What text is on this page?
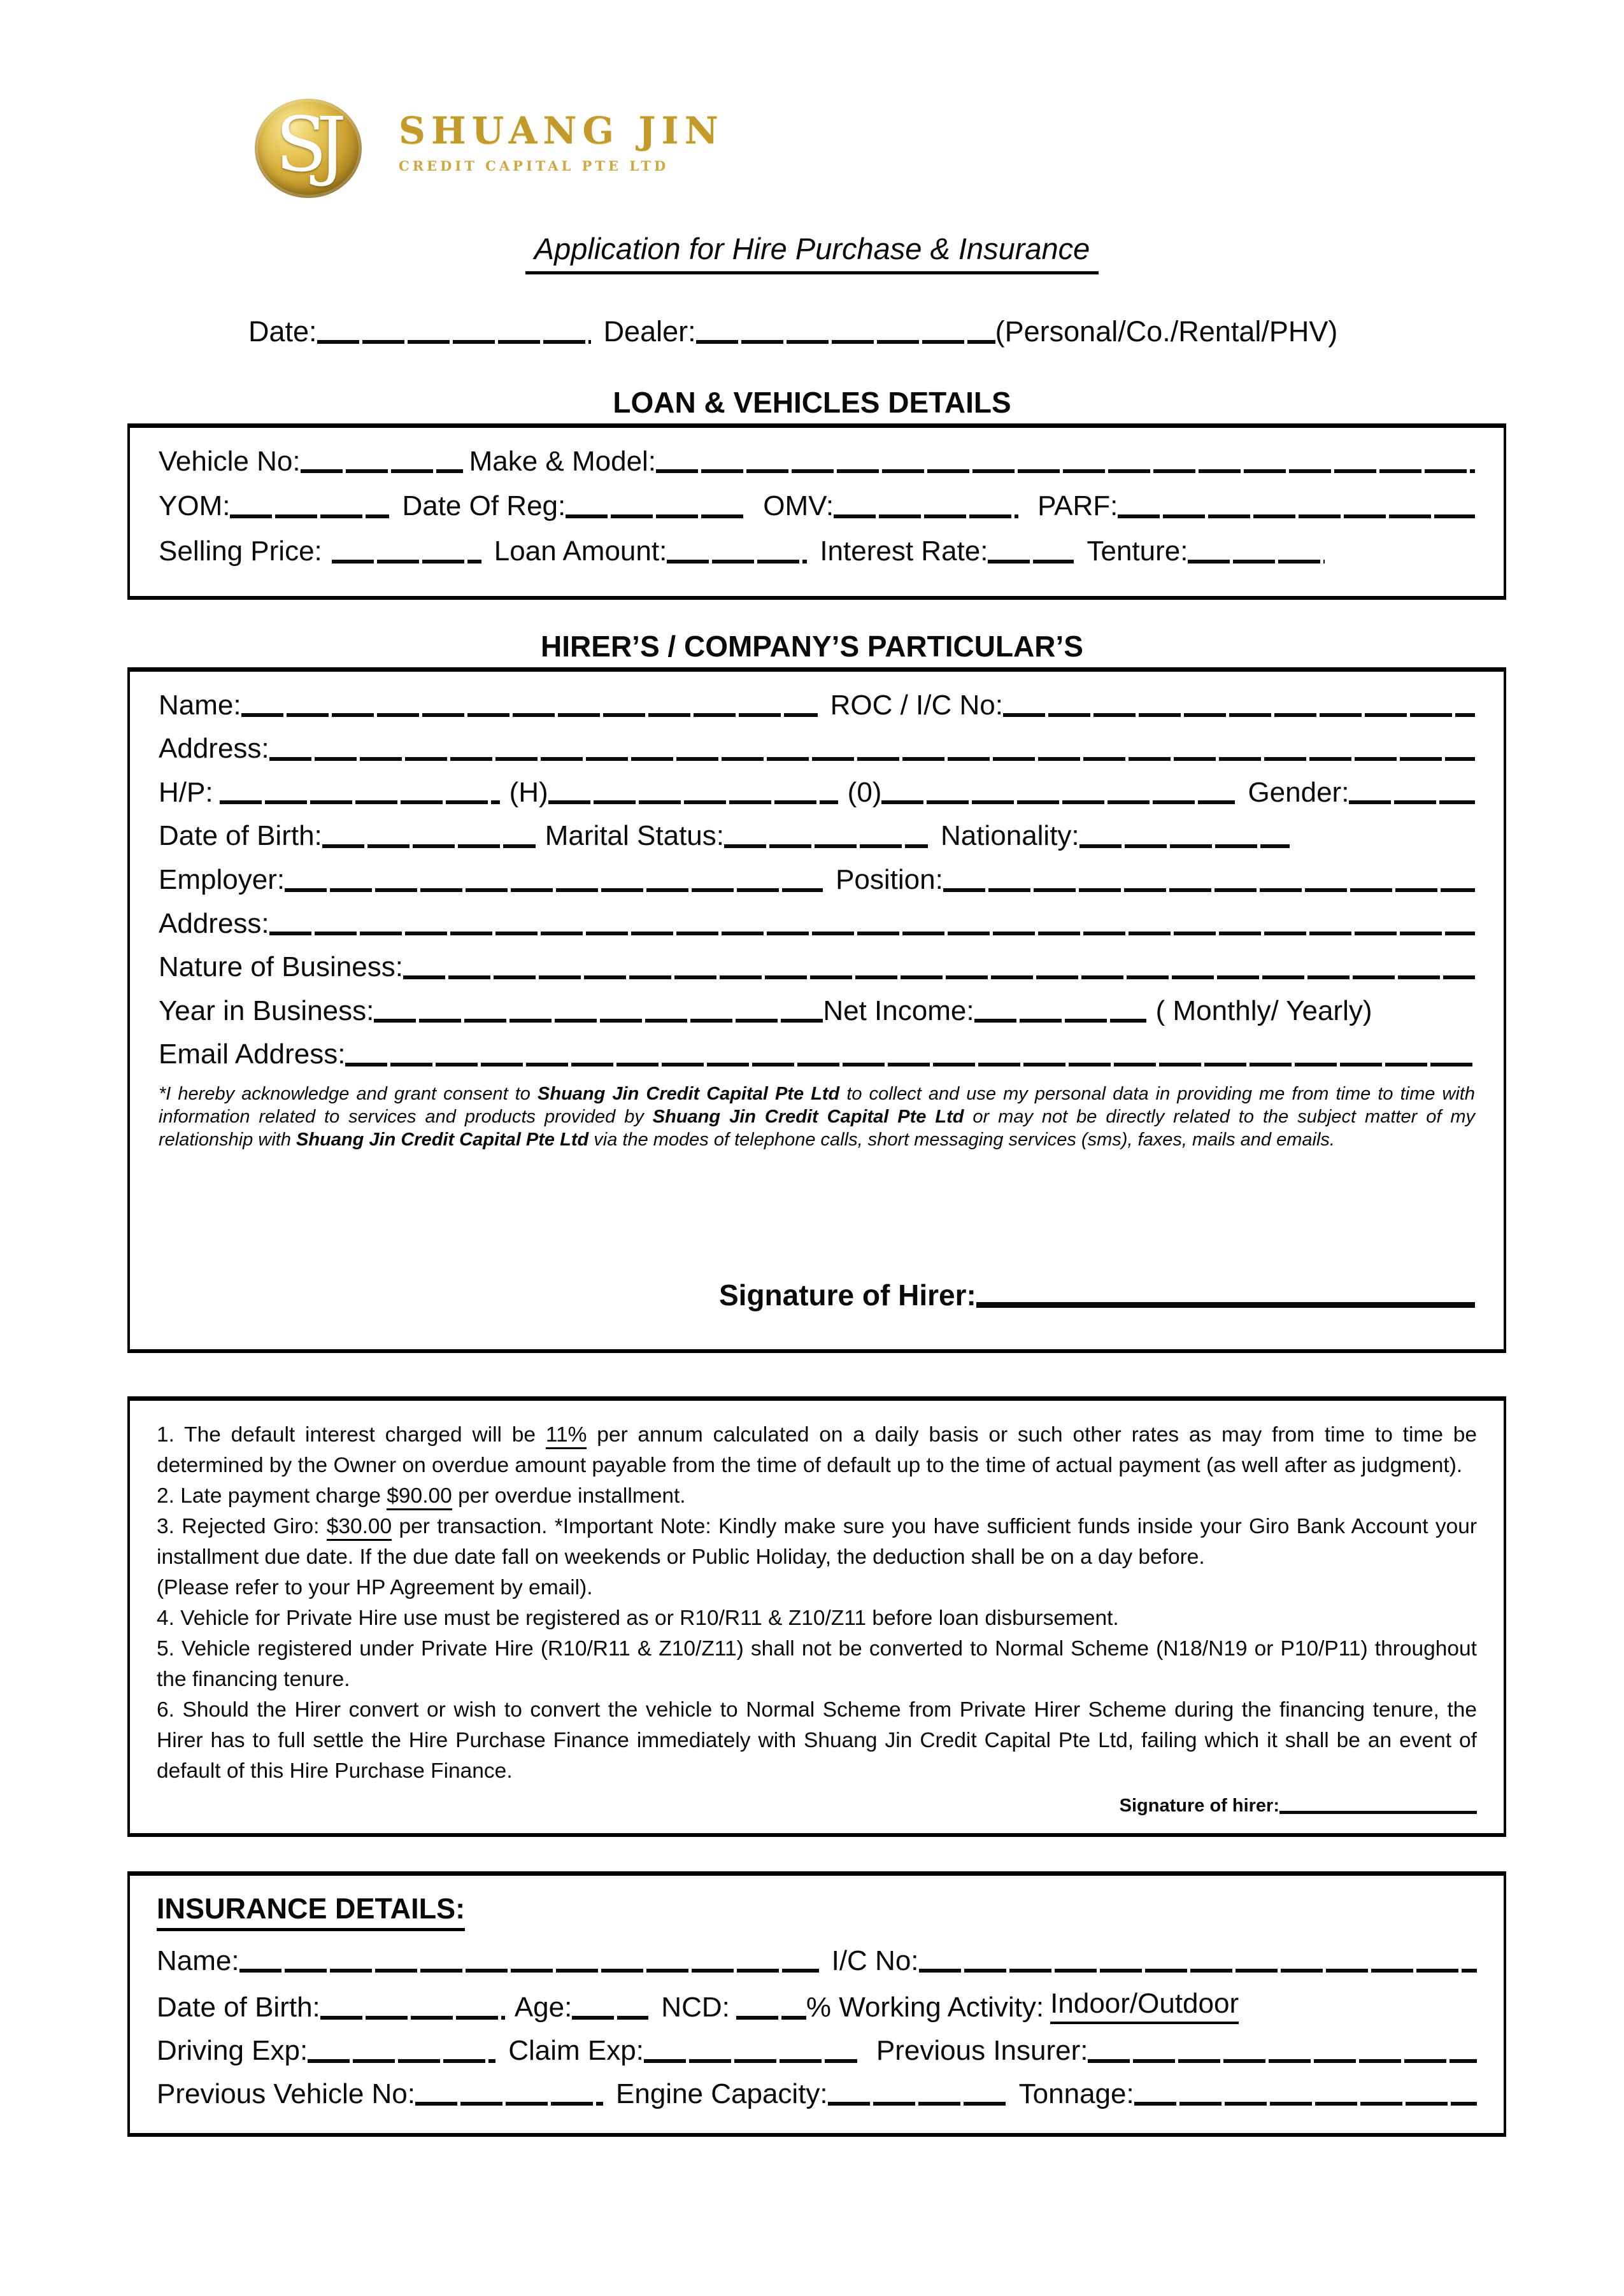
SJ SHUANG JIN
CREDIT CAPITAL PTE LTD
Application for Hire Purchase & Insurance
Date:	Dealer:	(Personal/Co./Rental/PHV)
LOAN & VEHICLES DETAILS
Vehicle No:	Make & Model:
YOM:	Date Of Reg:	OMV:	PARF:
Selling Price:	Loan Amount:	Interest Rate:	Tenture:
HIRER’S / COMPANY’S PARTICULAR’S
Name:	ROC / I/C No:
Address:
H/P:	(H)	(0)	Gender:
Date of Birth:	Marital Status:	Nationality:
Employer:	Position:
Address:
Nature of Business:
Year in Business:	Net Income:	( Monthly/ Yearly)
Email Address:

*I hereby acknowledge and grant consent to Shuang Jin Credit Capital Pte Ltd to collect and use my personal data in providing me from time to time with information related to services and products provided by Shuang Jin Credit Capital Pte Ltd or may not be directly related to the subject matter of my relationship with Shuang Jin Credit Capital Pte Ltd via the modes of telephone calls, short messaging services (sms), faxes, mails and emails.

Signature of Hirer:

1. The default interest charged will be 11% per annum calculated on a daily basis or such other rates as may from time to time be determined by the Owner on overdue amount payable from the time of default up to the time of actual payment (as well after as judgment).

2. Late payment charge $90.00 per overdue installment.

3. Rejected Giro: $30.00 per transaction. *Important Note: Kindly make sure you have sufficient funds inside your Giro Bank Account your installment due date. If the due date fall on weekends or Public Holiday, the deduction shall be on a day before.

(Please refer to your HP Agreement by email).

4. Vehicle for Private Hire use must be registered as or R10/R11 & Z10/Z11 before loan disbursement.

5. Vehicle registered under Private Hire (R10/R11 & Z10/Z11) shall not be converted to Normal Scheme (N18/N19 or P10/P11) throughout the financing tenure.

6. Should the Hirer convert or wish to convert the vehicle to Normal Scheme from Private Hirer Scheme during the financing tenure, the Hirer has to full settle the Hire Purchase Finance immediately with Shuang Jin Credit Capital Pte Ltd, failing which it shall be an event of default of this Hire Purchase Finance.

Signature of hirer:
INSURANCE DETAILS:
Name:	I/C No:
Date of Birth:	Age:	NCD:	% Working Activity: Indoor/Outdoor
Driving Exp:	Claim Exp:	Previous Insurer:
Previous Vehicle No:	Engine Capacity:	Tonnage:
